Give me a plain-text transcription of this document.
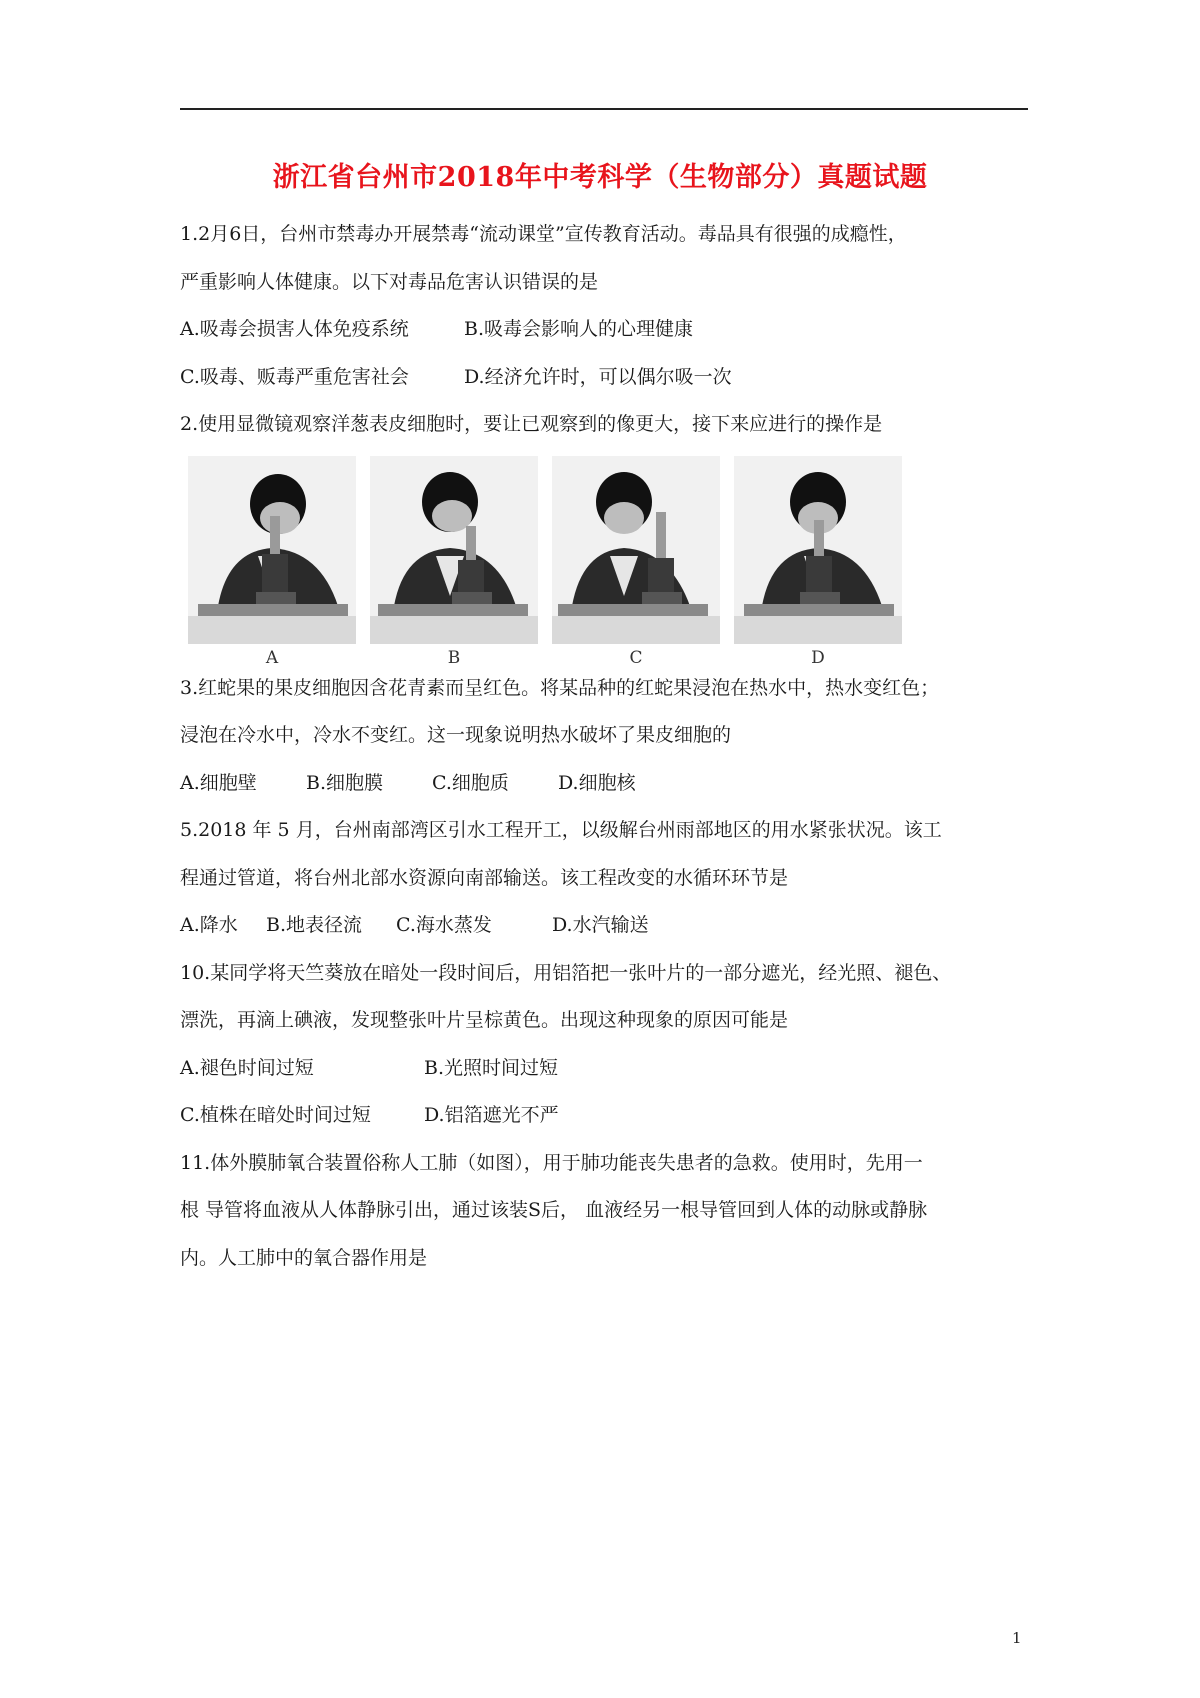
浙江省台州市2018年中考科学（生物部分）真题试题
1.2月6日，台州市禁毒办开展禁毒“流动课堂”宣传教育活动。毒品具有很强的成瘾性，
严重影响人体健康。以下对毒品危害认识错误的是
A.吸毒会损害人体免疫系统	B.吸毒会影响人的心理健康
C.吸毒、贩毒严重危害社会	D.经济允许时，可以偶尔吸一次
2.使用显微镜观察洋葱表皮细胞时，要让已观察到的像更大，接下来应进行的操作是
A	B	C	D
3.红蛇果的果皮细胞因含花青素而呈红色。将某品种的红蛇果浸泡在热水中，热水变红色；
浸泡在冷水中，冷水不变红。这一现象说明热水破坏了果皮细胞的
A.细胞壁	B.细胞膜	C.细胞质	D.细胞核
5.2018 年 5 月，台州南部湾区引水工程开工，以级解台州雨部地区的用水紧张状况。该工
程通过管道，将台州北部水资源向南部输送。该工程改变的水循环环节是
A.降水	B.地表径流	C.海水蒸发	D.水汽输送
10.某同学将天竺葵放在暗处一段时间后，用铝箔把一张叶片的一部分遮光，经光照、褪色、
漂洗，再滴上碘液，发现整张叶片呈棕黄色。出现这种现象的原因可能是
A.褪色时间过短	B.光照时间过短
C.植株在暗处时间过短	D.铝箔遮光不严
11.体外膜肺氧合装置俗称人工肺（如图），用于肺功能丧失患者的急救。使用时，先用一
根 导管将血液从人体静脉引出，通过该装S后， 血液经另一根导管回到人体的动脉或静脉
内。人工肺中的氧合器作用是
1
